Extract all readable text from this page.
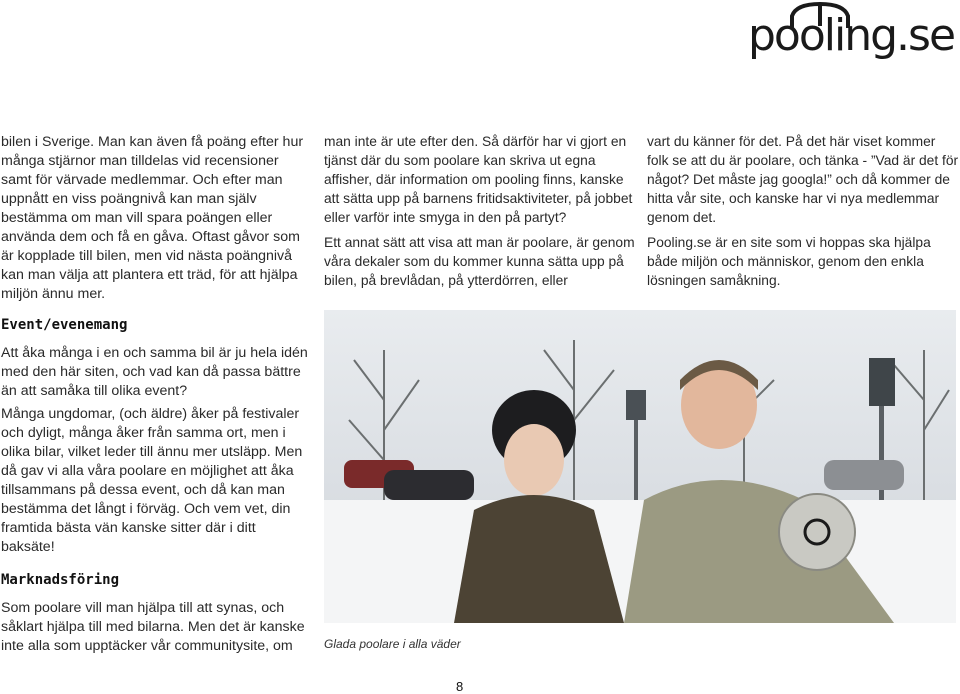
pooling.se

bilen i Sverige. Man kan även få poäng efter hur många stjärnor man tilldelas vid recensioner samt för värvade medlemmar. Och efter man uppnått en viss poängnivå kan man själv bestämma om man vill spara poängen eller använda dem och få en gåva. Oftast gåvor som är kopplade till bilen, men vid nästa poängnivå kan man välja att plantera ett träd, för att hjälpa miljön ännu mer.

man inte är ute efter den. Så därför har vi gjort en tjänst där du som poolare kan skriva ut egna affisher, där information om pooling finns, kanske att sätta upp på barnens fritidsaktiviteter, på jobbet eller varför inte smyga in den på partyt?

Ett annat sätt att visa att man är poolare, är genom våra dekaler som du kommer kunna sätta upp på bilen, på brevlådan, på ytterdörren, eller

vart du känner för det. På det här viset kommer folk se att du är poolare, och tänka - ”Vad är det för något? Det måste jag googla!” och då kommer de hitta vår site, och kanske har vi nya medlemmar genom det.

Pooling.se är en site som vi hoppas ska hjälpa både miljön och människor, genom den enkla lösningen samåkning.

Event/evenemang

Att åka många i en och samma bil är ju hela idén med den här siten, och vad kan då passa bättre än att samåka till olika event?

Många ungdomar, (och äldre) åker på festivaler och dyligt, många åker från samma ort, men i olika bilar, vilket leder till ännu mer utsläpp. Men då gav vi alla våra poolare en möjlighet att åka tillsammans på dessa event, och då kan man bestämma det långt i förväg. Och vem vet, din framtida bästa vän kanske sitter där i ditt baksäte!

Marknadsföring

Som poolare vill man hjälpa till att synas, och såklart hjälpa till med bilarna. Men det är kanske inte alla som upptäcker vår communitysite, om	Glada poolare i alla väder
8
